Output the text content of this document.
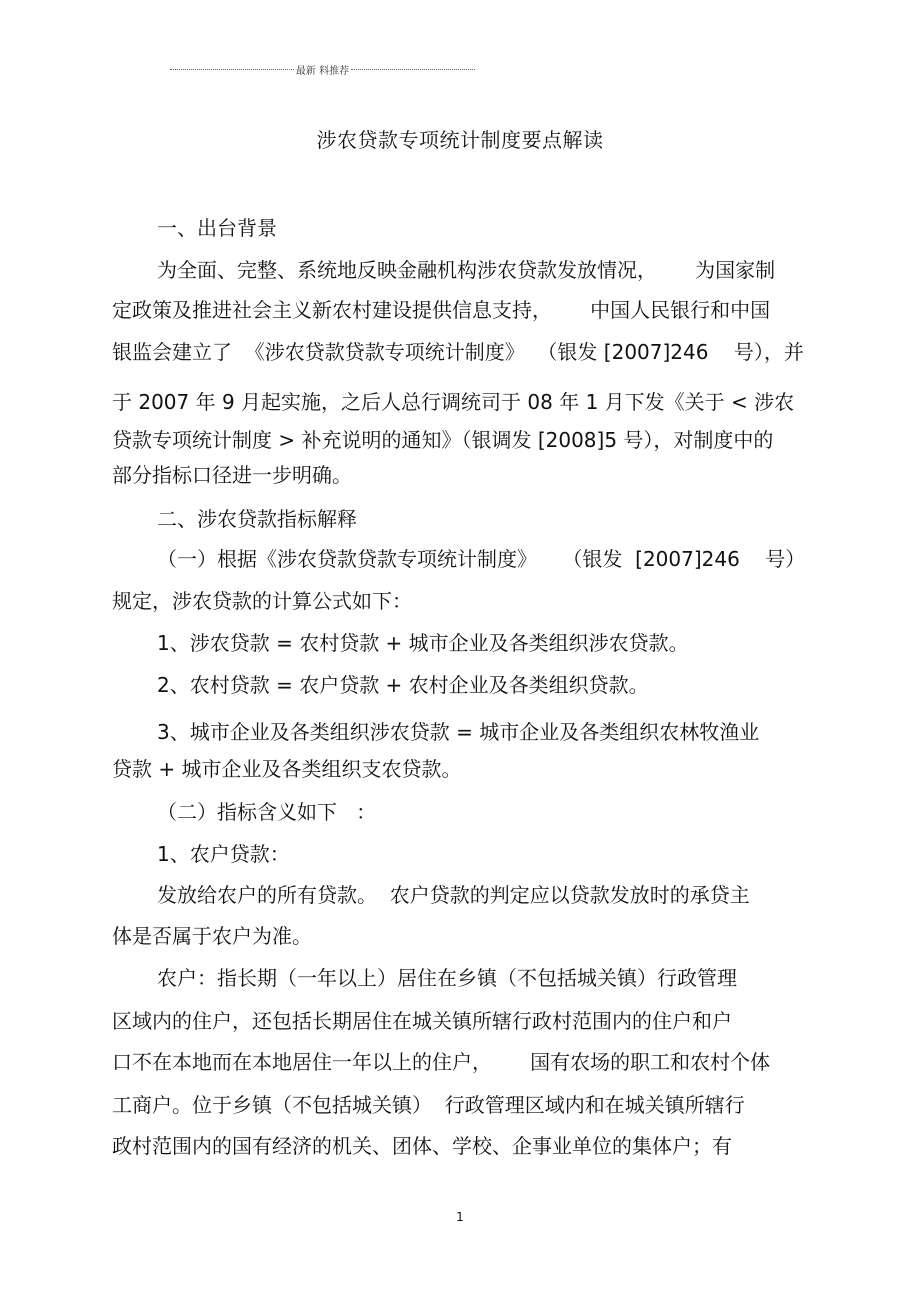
最新 料推荐
涉农贷款专项统计制度要点解读
一、出台背景
为全面、完整、系统地反映金融机构涉农贷款发放情况，      为国家制
定政策及推进社会主义新农村建设提供信息支持，      中国人民银行和中国
银监会建立了  《涉农贷款贷款专项统计制度》  （银发 [2007]246    号），并
于 2007 年 9 月起实施，之后人总行调统司于 08 年 1 月下发《关于 < 涉农
贷款专项统计制度 > 补充说明的通知》（银调发 [2008]5 号），对制度中的
部分指标口径进一步明确。
二、涉农贷款指标解释
（一）根据《涉农贷款贷款专项统计制度》    （银发  [2007]246    号）
规定，涉农贷款的计算公式如下：
1、涉农贷款 = 农村贷款 + 城市企业及各类组织涉农贷款。
2、农村贷款 = 农户贷款 + 农村企业及各类组织贷款。
3、城市企业及各类组织涉农贷款 = 城市企业及各类组织农林牧渔业
贷款 + 城市企业及各类组织支农贷款。
（二）指标含义如下   ：
1、农户贷款：
发放给农户的所有贷款。  农户贷款的判定应以贷款发放时的承贷主
体是否属于农户为准。
农户：指长期（一年以上）居住在乡镇（不包括城关镇）行政管理
区域内的住户，还包括长期居住在城关镇所辖行政村范围内的住户和户
口不在本地而在本地居住一年以上的住户，      国有农场的职工和农村个体
工商户。位于乡镇（不包括城关镇）  行政管理区域内和在城关镇所辖行
政村范围内的国有经济的机关、团体、学校、企事业单位的集体户；有
1
